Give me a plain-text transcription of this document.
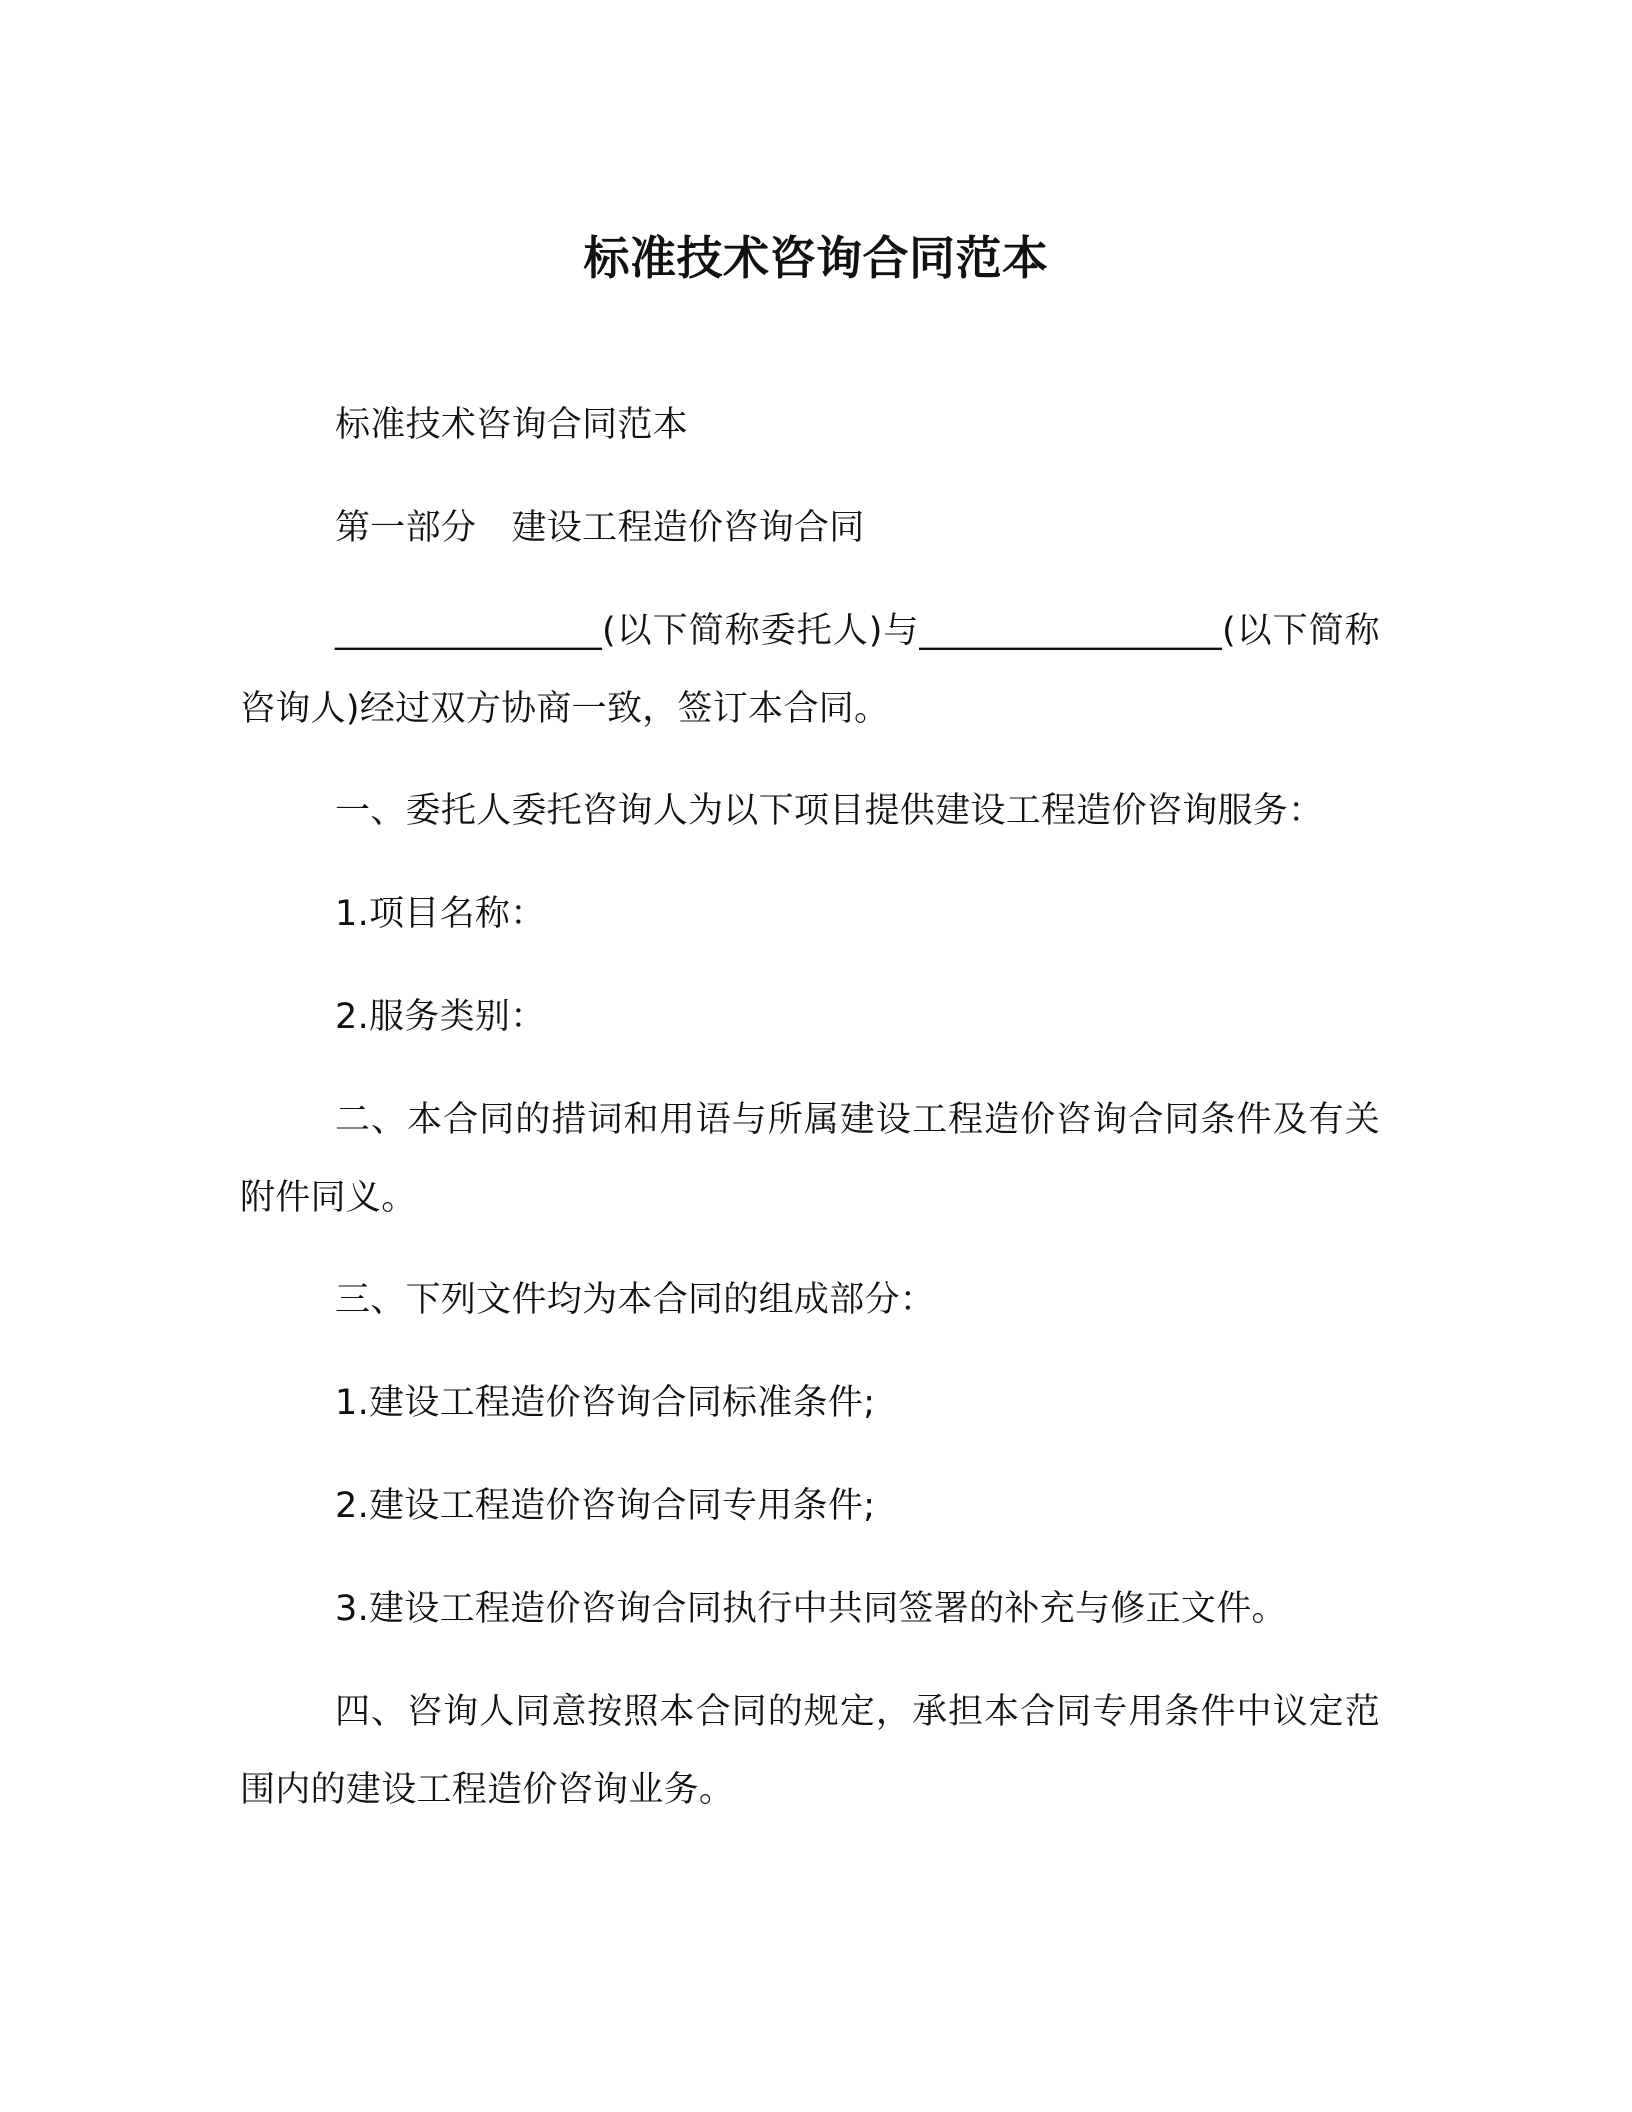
标准技术咨询合同范本
标准技术咨询合同范本
第一部分　建设工程造价咨询合同
_______________(以下简称委托人)与_________________(以下简称咨询人)经过双方协商一致，签订本合同。
一、委托人委托咨询人为以下项目提供建设工程造价咨询服务：
1.项目名称：
2.服务类别：
二、本合同的措词和用语与所属建设工程造价咨询合同条件及有关附件同义。
三、下列文件均为本合同的组成部分：
1.建设工程造价咨询合同标准条件;
2.建设工程造价咨询合同专用条件;
3.建设工程造价咨询合同执行中共同签署的补充与修正文件。
四、咨询人同意按照本合同的规定，承担本合同专用条件中议定范围内的建设工程造价咨询业务。
